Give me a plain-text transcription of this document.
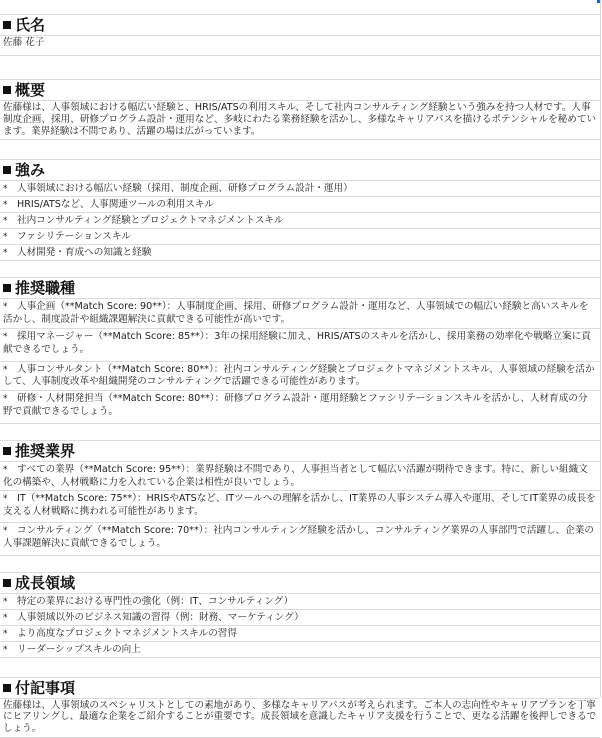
氏名
佐藤 花子
概要
佐藤様は、人事領域における幅広い経験と、HRIS/ATSの利用スキル、そして社内コンサルティング経験という強みを持つ人材です。人事制度企画、採用、研修プログラム設計・運用など、多岐にわたる業務経験を活かし、多様なキャリアパスを描けるポテンシャルを秘めています。業界経験は不問であり、活躍の場は広がっています。
強み
* 人事領域における幅広い経験（採用、制度企画、研修プログラム設計・運用）
* HRIS/ATSなど、人事関連ツールの利用スキル
* 社内コンサルティング経験とプロジェクトマネジメントスキル
* ファシリテーションスキル
* 人材開発・育成への知識と経験
推奨職種
* 人事企画（**Match Score: 90**）：人事制度企画、採用、研修プログラム設計・運用など、人事領域での幅広い経験と高いスキルを活かし、制度設計や組織課題解決に貢献できる可能性が高いです。
* 採用マネージャー（**Match Score: 85**）：3年の採用経験に加え、HRIS/ATSのスキルを活かし、採用業務の効率化や戦略立案に貢献できるでしょう。
* 人事コンサルタント（**Match Score: 80**）：社内コンサルティング経験とプロジェクトマネジメントスキル、人事領域の経験を活かして、人事制度改革や組織開発のコンサルティングで活躍できる可能性があります。
* 研修・人材開発担当（**Match Score: 80**）：研修プログラム設計・運用経験とファシリテーションスキルを活かし、人材育成の分野で貢献できるでしょう。
推奨業界
* すべての業界（**Match Score: 95**）：業界経験は不問であり、人事担当者として幅広い活躍が期待できます。特に、新しい組織文化の構築や、人材戦略に力を入れている企業は相性が良いでしょう。
* IT（**Match Score: 75**）：HRISやATSなど、ITツールへの理解を活かし、IT業界の人事システム導入や運用、そしてIT業界の成長を支える人材戦略に携われる可能性があります。
* コンサルティング（**Match Score: 70**）：社内コンサルティング経験を活かし、コンサルティング業界の人事部門で活躍し、企業の人事課題解決に貢献できるでしょう。
成長領域
* 特定の業界における専門性の強化（例：IT、コンサルティング）
* 人事領域以外のビジネス知識の習得（例：財務、マーケティング）
* より高度なプロジェクトマネジメントスキルの習得
* リーダーシップスキルの向上
付記事項
佐藤様は、人事領域のスペシャリストとしての素地があり、多様なキャリアパスが考えられます。ご本人の志向性やキャリアプランを丁寧にヒアリングし、最適な企業をご紹介することが重要です。成長領域を意識したキャリア支援を行うことで、更なる活躍を後押しできるでしょう。
